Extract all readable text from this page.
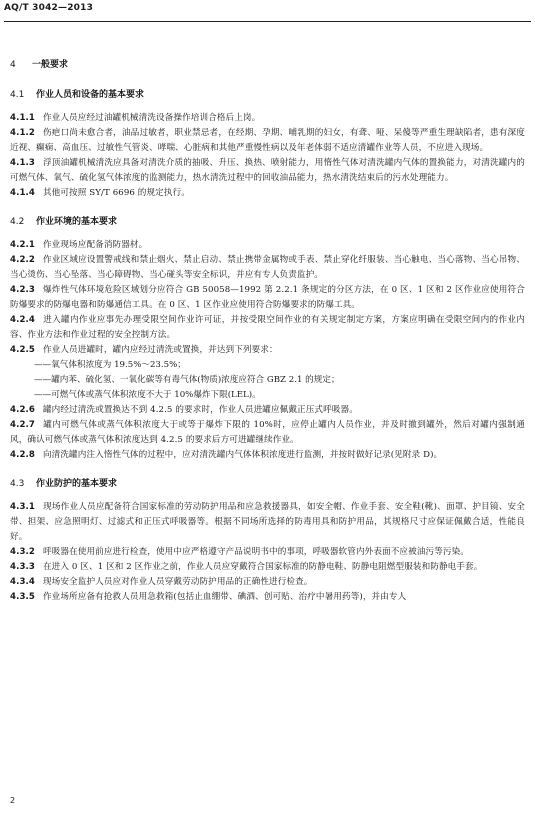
AQ/T 3042—2013
4	一般要求
4.1	作业人员和设备的基本要求

4.1.1 作业人员应经过油罐机械清洗设备操作培训合格后上岗。

4.1.2 伤疤口尚未愈合者，油品过敏者，职业禁忌者，在经期、孕期、哺乳期的妇女，有聋、哑、呆傻等严重生理缺陷者，患有深度近视、癫痫、高血压、过敏性气管炎、哮喘、心脏病和其他严重慢性病以及年老体弱不适应清罐作业等人员，不应进入现场。

4.1.3 浮顶油罐机械清洗应具备对清洗介质的抽吸、升压、换热、喷射能力，用惰性气体对清洗罐内气体的置换能力，对清洗罐内的可燃气体、氧气、硫化氢气体浓度的监测能力，热水清洗过程中的回收油品能力，热水清洗结束后的污水处理能力。

4.1.4 其他可按照 SY/T 6696 的规定执行。

4.2	作业环境的基本要求

4.2.1 作业现场应配备消防器材。

4.2.2 作业区域应设置警戒线和禁止烟火、禁止启动、禁止携带金属物或手表、禁止穿化纤服装、当心触电、当心落物、当心吊物、当心烫伤、当心坠落、当心障碍物、当心碰头等安全标识，并应有专人负责监护。

4.2.3 爆炸性气体环境危险区域划分应符合 GB 50058—1992 第 2.2.1 条规定的分区方法，在 0 区、1 区和 2 区作业应使用符合防爆要求的防爆电器和防爆通信工具。在 0 区、1 区作业应使用符合防爆要求的防爆工具。

4.2.4 进入罐内作业应事先办理受限空间作业许可证，并按受限空间作业的有关规定制定方案，方案应明确在受限空间内的作业内容、作业方法和作业过程的安全控制方法。

4.2.5 作业人员进罐时，罐内应经过清洗或置换，并达到下列要求：

——氧气体积浓度为 19.5%～23.5%；

——罐内苯、硫化氢、一氧化碳等有毒气体(物质)浓度应符合 GBZ 2.1 的规定；

——可燃气体或蒸气体积浓度不大于 10%爆炸下限(LEL)。

4.2.6 罐内经过清洗或置换达不到 4.2.5 的要求时，作业人员进罐应佩戴正压式呼吸器。

4.2.7 罐内可燃气体或蒸气体积浓度大于或等于爆炸下限的 10%时，应停止罐内人员作业，并及时撤到罐外，然后对罐内强制通风，确认可燃气体或蒸气体积浓度达到 4.2.5 的要求后方可进罐继续作业。

4.2.8 向清洗罐内注入惰性气体的过程中，应对清洗罐内气体体积浓度进行监测，并按时做好记录(见附录 D)。

4.3	作业防护的基本要求

4.3.1 现场作业人员应配备符合国家标准的劳动防护用品和应急救援器具，如安全帽、作业手套、安全鞋(靴)、面罩、护目镜、安全带、担架、应急照明灯、过滤式和正压式呼吸器等。根据不同场所选择的防毒用具和防护用品，其规格尺寸应保证佩戴合适，性能良好。

4.3.2 呼吸器在使用前应进行检查，使用中应严格遵守产品说明书中的事项，呼吸器软管内外表面不应被油污等污染。

4.3.3 在进入 0 区、1 区和 2 区作业之前，作业人员应穿戴符合国家标准的防静电鞋、防静电阻燃型服装和防静电手套。

4.3.4 现场安全监护人员应对作业人员穿戴劳动防护用品的正确性进行检查。

4.3.5 作业场所应备有抢救人员用急救箱(包括止血绷带、碘酒、创可贴、治疗中暑用药等)，并由专人

2
